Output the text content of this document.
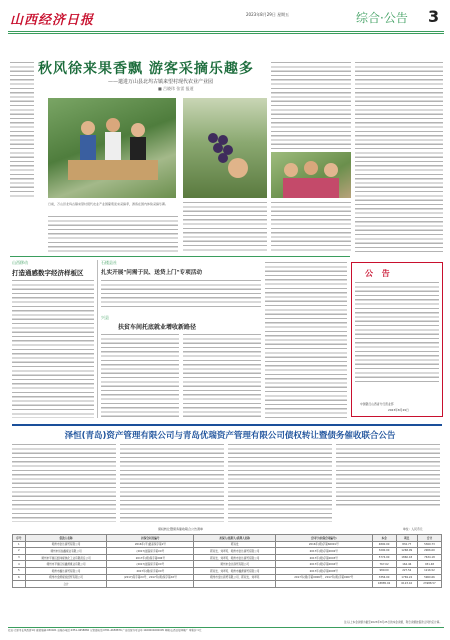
山西经济日报	2023年8月29日 星期五	综合·公告 3
秋风徐来果香飘 游客采摘乐趣多
——遣进万山县北坞古镇来望村现代农业产业园
■ 吕晓玮 张雷 报道
日前，万山县北坞古镇来望村现代农业产业园葡萄迎来采摘季，游客在园内体验采摘乐趣。
山西移动
打造通感数字经济样板区
石楼县社
扎实开展"问需于民、送贷上门"专项活动
兴县
扶贫车间托底就业增收新路径
公 告
中国银行山西省分行营业部
2023年8月29日
泽恒(青岛)资产管理有限公司与青岛优瑞资产管理有限公司债权转让暨债务催收联合公告
债权转让暨债务催收联合公告清单	单位：人民币元
序号	借款人名称	担保合同及编号	担保人/抵押人/质押人名称	合同号(担保合同编号)	本金	利息	合计
1	朔州市金达商贸有限公司	2016年(平)最高保字第1号	郭双发	2016年(朔)字第60001号	4800.00	832.77	5369.73
2	朔州市恒信鑫煤业有限公司	(2017)最高保字第XX号	郭双发、刘翠英、朔州市金达商贸有限公司	2017年(朔)字第0002号	3200.00	1268.99	2906.00
3	朔州市平鲁区经纬煤焦化工业有限责任公司	2017年(朔)保字第006号	郭双发、刘翠英、朔州市金达商贸有限公司	2017年(朔)字第0003号	5774.00	1860.18	7634.18
4	朔州市平鲁区恒鑫源煤业有限公司	(2017)最高保字第XX号	朔州市金达商贸有限公司	2017年(朔)字第0004号	767.02	164.46	931.48
5	朔州市鑫达商贸有限公司	2017年(朔)保字第XX号	郭双发、刘翠英、朔州市鑫源商贸有限公司	2017年(朔)字第0005号	989.00	227.52	1216.52
6	朔州市金源煤炭经贸有限公司	(2017)保字第XX号、2017年(朔)保字第XX号	朔州市金达商贸有限公司、郭双发、刘翠英	2017年(朔)字第0006号、2017年(朔)字第0007号	3356.00	1769.24	5960.66
	合计				18885.02	6123.16	23988.57
注:以上本金余额为截至2023年8月25日的本金余额，利息余额按借款合同约定计算。
社址:太原市长风西街1号 邮政编码:030021 总编办电话:0351-4658882 记者部电话:0351-4658876 广告经营许可证号:1400004000005 印刷:山西日报印刷厂 零售价:1元
